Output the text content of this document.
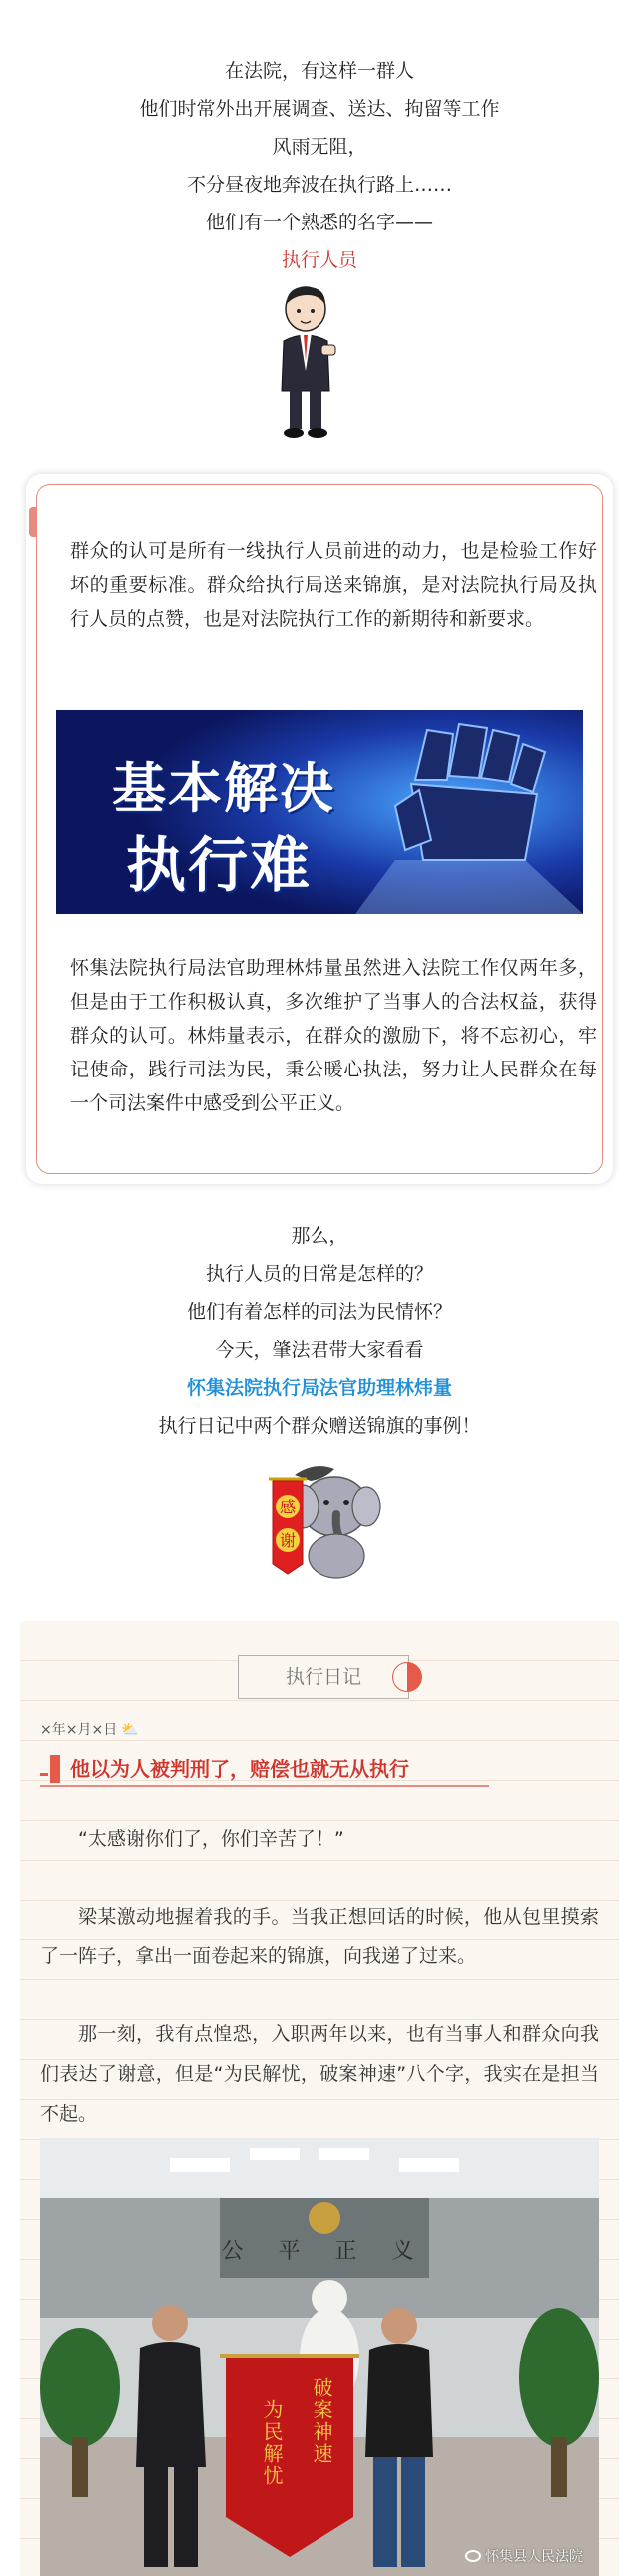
在法院，有这样一群人
他们时常外出开展调查、送达、拘留等工作
风雨无阻，
不分昼夜地奔波在执行路上……
他们有一个熟悉的名字——
执行人员

群众的认可是所有一线执行人员前进的动力，也是检验工作好坏的重要标准。群众给执行局送来锦旗，是对法院执行局及执行人员的点赞，也是对法院执行工作的新期待和新要求。

怀集法院执行局法官助理林炜量虽然进入法院工作仅两年多，但是由于工作积极认真，多次维护了当事人的合法权益，获得群众的认可。林炜量表示，在群众的激励下，将不忘初心，牢记使命，践行司法为民，秉公暖心执法，努力让人民群众在每一个司法案件中感受到公平正义。

基本解决
执行难
那么，
执行人员的日常是怎样的？
他们有着怎样的司法为民情怀？
今天，肇法君带大家看看
怀集法院执行局法官助理林炜量
执行日记中两个群众赠送锦旗的事例！
感
谢
执行日记
×年×月×日 ⛅
他以为人被判刑了，赔偿也就无从执行

“太感谢你们了，你们辛苦了！”

梁某激动地握着我的手。当我正想回话的时候，他从包里摸索了一阵子，拿出一面卷起来的锦旗，向我递了过来。

那一刻，我有点惶恐，入职两年以来，也有当事人和群众向我们表达了谢意，但是“为民解忧，破案神速”八个字，我实在是担当不起。

公 平 正 义
破案神速
为民解忧
怀集县人民法院
